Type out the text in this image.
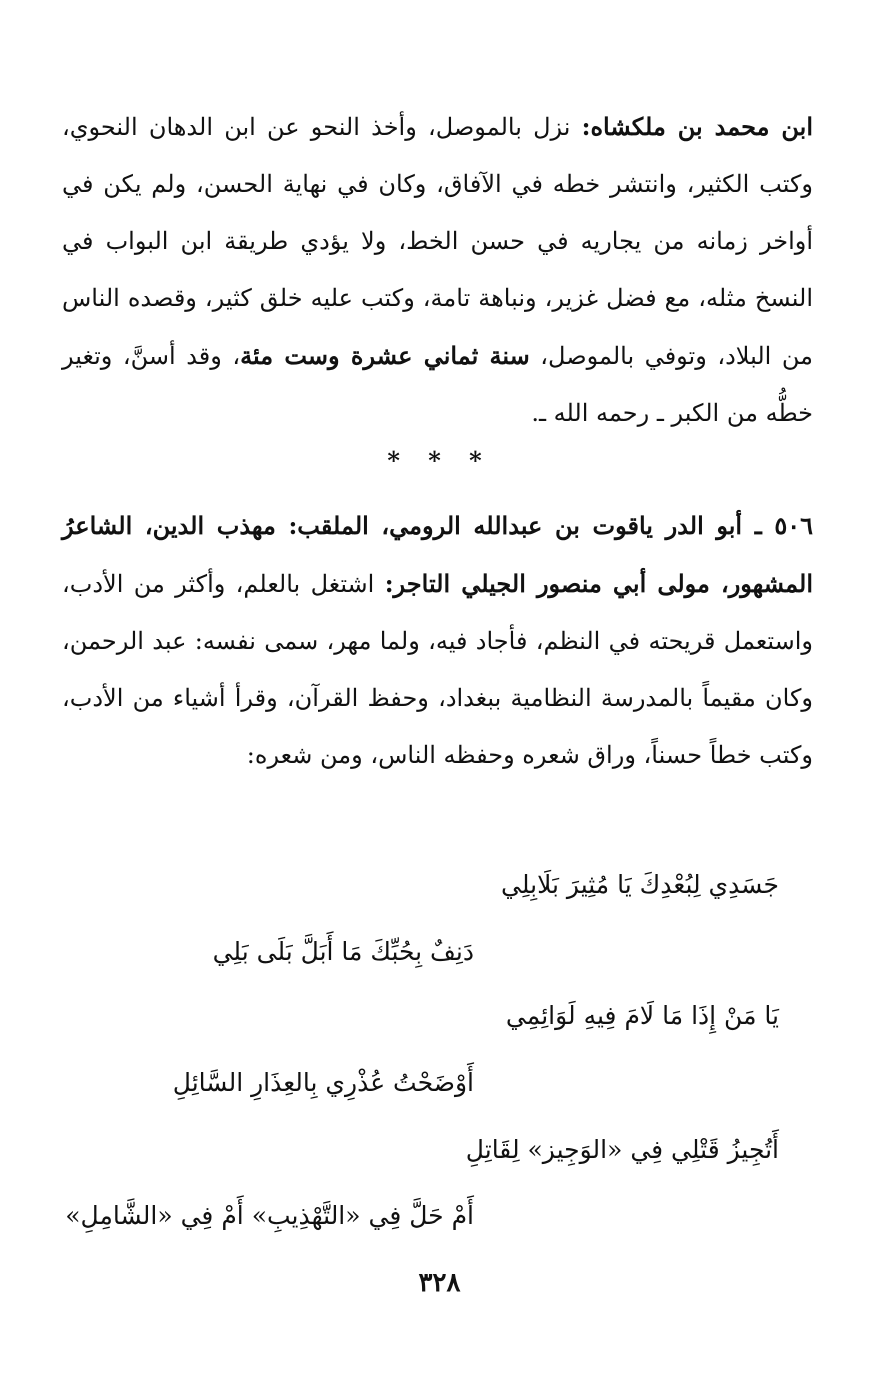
ابن محمد بن ملكشاه: نزل بالموصل، وأخذ النحو عن ابن الدهان النحوي، وكتب الكثير، وانتشر خطه في الآفاق، وكان في نهاية الحسن، ولم يكن في أواخر زمانه من يجاريه في حسن الخط، ولا يؤدي طريقة ابن البواب في النسخ مثله، مع فضل غزير، ونباهة تامة، وكتب عليه خلق كثير، وقصده الناس من البلاد، وتوفي بالموصل، سنة ثماني عشرة وست مئة، وقد أسنَّ، وتغير خطُّه من الكبر ـ رحمه الله ـ.

* * *

٥٠٦ ـ أبو الدر ياقوت بن عبدالله الرومي، الملقب: مهذب الدين، الشاعرُ المشهور، مولى أبي منصور الجيلي التاجر: اشتغل بالعلم، وأكثر من الأدب، واستعمل قريحته في النظم، فأجاد فيه، ولما مهر، سمى نفسه: عبد الرحمن، وكان مقيماً بالمدرسة النظامية ببغداد، وحفظ القرآن، وقرأ أشياء من الأدب، وكتب خطاً حسناً، وراق شعره وحفظه الناس، ومن شعره:

جَسَدِي لِبُعْدِكَ يَا مُثِيرَ بَلَابِلِي
دَنِفٌ بِحُبِّكَ مَا أَبَلَّ بَلَى بَلِي
يَا مَنْ إِذَا مَا لَامَ فِيهِ لَوَائِمِي
أَوْضَحْتُ عُذْرِي بِالعِذَارِ السَّائِلِ
أَتُجِيزُ قَتْلِي فِي «الوَجِيز» لِقَاتِلِ
أَمْ حَلَّ فِي «التَّهْذِيبِ» أَمْ فِي «الشَّامِلِ»
٣٢٨
